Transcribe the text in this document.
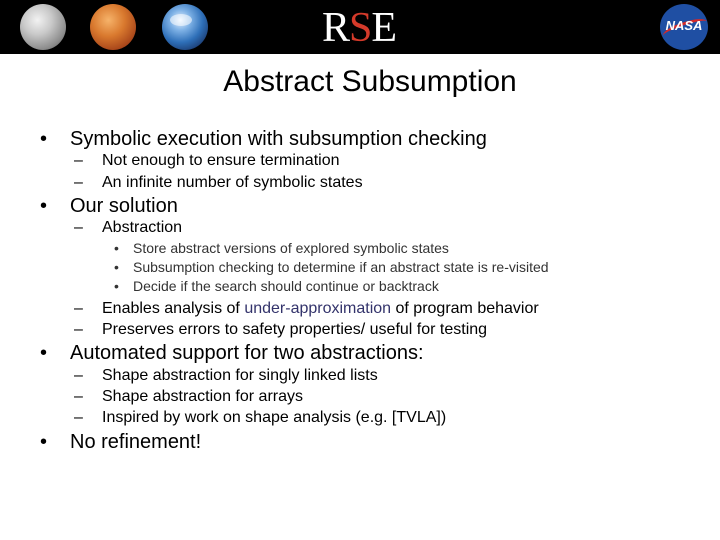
RSE	NASA
Abstract Subsumption
• Symbolic execution with subsumption checking
– Not enough to ensure termination
– An infinite number of symbolic states
• Our solution
– Abstraction
• Store abstract versions of explored symbolic states
• Subsumption checking to determine if an abstract state is re-visited
• Decide if the search should continue or backtrack
– Enables analysis of under-approximation of program behavior
– Preserves errors to safety properties/ useful for testing
• Automated support for two abstractions:
– Shape abstraction for singly linked lists
– Shape abstraction for arrays
– Inspired by work on shape analysis (e.g. [TVLA])
• No refinement!
